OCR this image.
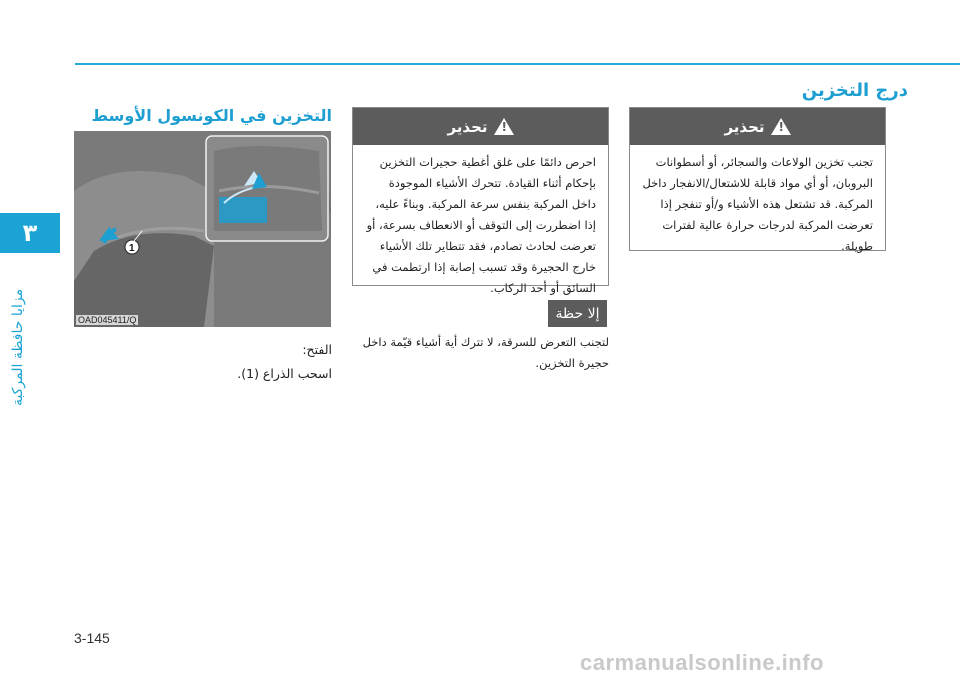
٣
مزايا حافظة المركبة
درج التخزين
!
تحذير

تجنب تخزين الولاعات والسجائر، أو أسطوانات البروبان، أو أي مواد قابلة للاشتعال/الانفجار داخل المركبة. قد تشتعل هذه الأشياء و/أو تنفجر إذا تعرضت المركبة لدرجات حرارة عالية لفترات طويلة.

!
تحذير

احرص دائمًا على غلق أغطية حجيرات التخزين بإحكام أثناء القيادة. تتحرك الأشياء الموجودة داخل المركبة بنفس سرعة المركبة. وبناءً عليه، إذا اضطررت إلى التوقف أو الانعطاف بسرعة، أو تعرضت لحادث تصادم، فقد تتطاير تلك الأشياء خارج الحجيرة وقد تسبب إصابة إذا ارتطمت في السائق أو أحد الركاب.

إلا حظة

لتجنب التعرض للسرقة، لا تترك أية أشياء قيّمة داخل حجيرة التخزين.

التخزين في الكونسول الأوسط
1
OAD045411/Q
الفتح:
اسحب الذراع (1).
3-145
carmanualsonline.info
